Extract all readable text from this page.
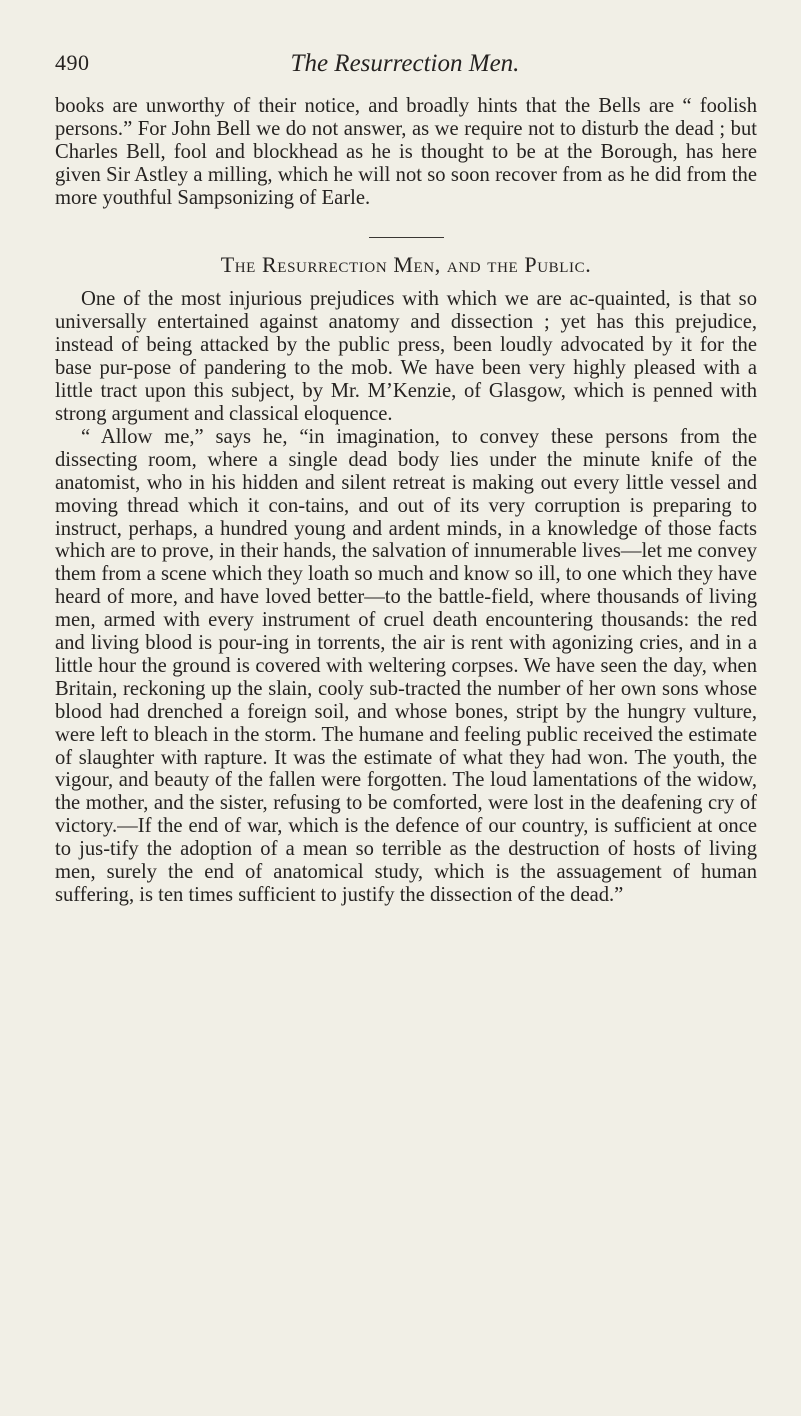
490	The Resurrection Men.

books are unworthy of their notice, and broadly hints that the Bells are “ foolish persons.” For John Bell we do not answer, as we require not to disturb the dead ; but Charles Bell, fool and blockhead as he is thought to be at the Borough, has here given Sir Astley a milling, which he will not so soon recover from as he did from the more youthful Sampsonizing of Earle.

The Resurrection Men, and the Public.

One of the most injurious prejudices with which we are ac-quainted, is that so universally entertained against anatomy and dissection ; yet has this prejudice, instead of being attacked by the public press, been loudly advocated by it for the base pur-pose of pandering to the mob. We have been very highly pleased with a little tract upon this subject, by Mr. M’Kenzie, of Glasgow, which is penned with strong argument and classical eloquence.

“ Allow me,” says he, “in imagination, to convey these persons from the dissecting room, where a single dead body lies under the minute knife of the anatomist, who in his hidden and silent retreat is making out every little vessel and moving thread which it con-tains, and out of its very corruption is preparing to instruct, perhaps, a hundred young and ardent minds, in a knowledge of those facts which are to prove, in their hands, the salvation of innumerable lives—let me convey them from a scene which they loath so much and know so ill, to one which they have heard of more, and have loved better—to the battle-field, where thousands of living men, armed with every instrument of cruel death encountering thousands: the red and living blood is pour-ing in torrents, the air is rent with agonizing cries, and in a little hour the ground is covered with weltering corpses. We have seen the day, when Britain, reckoning up the slain, cooly sub-tracted the number of her own sons whose blood had drenched a foreign soil, and whose bones, stript by the hungry vulture, were left to bleach in the storm. The humane and feeling public received the estimate of slaughter with rapture. It was the estimate of what they had won. The youth, the vigour, and beauty of the fallen were forgotten. The loud lamentations of the widow, the mother, and the sister, refusing to be comforted, were lost in the deafening cry of victory.—If the end of war, which is the defence of our country, is sufficient at once to jus-tify the adoption of a mean so terrible as the destruction of hosts of living men, surely the end of anatomical study, which is the assuagement of human suffering, is ten times sufficient to justify the dissection of the dead.”
